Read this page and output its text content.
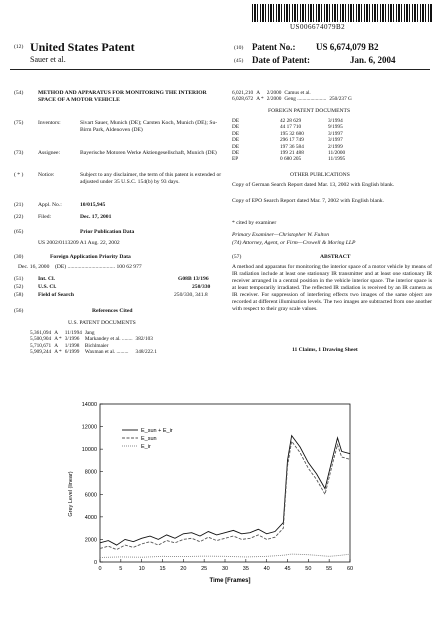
US006674079B2
(12) United States Patent
Sauer et al.
(10) Patent No.: US 6,674,079 B2
(45) Date of Patent:	Jan. 6, 2004
(54)	METHOD AND APPARATUS FOR MONITORING THE INTERIOR SPACE OF A MOTOR VEHICLE
(75)	Inventors:	Sivart Sauer, Munich (DE); Carsten Koch, Munich (DE); Su-Birm Park, Aldenoven (DE)
(73)	Assignee:	Bayerische Motoren Werke Aktiengesellschaft, Munich (DE)
( * )	Notice:	Subject to any disclaimer, the term of this patent is extended or adjusted under 35 U.S.C. 154(b) by 93 days.
(21)	Appl. No.:	10/015,945
(22)	Filed:	Dec. 17, 2001
(65)	Prior Publication Data
US 2002/0113209 A1 Aug. 22, 2002
(30)	Foreign Application Priority Data
Dec. 16, 2000    (DE) .................................. 100 62 977
(51)	Int. Cl.	G08B 13/196
(52)	U.S. Cl.	250/330
(58)	Field of Search	250/330, 341.8
(56)	References Cited
U.S. PATENT DOCUMENTS
5,361,094	A	11/1994	Jang	
5,500,904	A *	3/1996	Markandey et al. ........	382/103
5,710,671	A	1/1998	Bichlmaier	
5,909,244	A *	6/1999	Waxman et al. .........	348/222.1
6,021,210	A	2/2000	Camus et al.	
6,028,672	A *	2/2000	Geng ......................	250/237 G
FOREIGN PATENT DOCUMENTS
DE	42 28 629	3/1994
DE	44 17 710	9/1995
DE	195 32 680	3/1997
DE	296 17 749	3/1997
DE	197 36 584	2/1999
DE	199 21 488	11/2000
EP	0 680 205	11/1995
OTHER PUBLICATIONS
Copy of German Search Report dated Mar. 13, 2002 with English blank.
Copy of EPO Search Report dated Mar. 7, 2002 with English blank.
* cited by examiner
Primary Examiner—Christopher W. Fulton
(74) Attorney, Agent, or Firm—Crowell & Moring LLP
(57)	ABSTRACT
A method and apparatus for monitoring the interior space of a motor vehicle by means of IR radiation include at least one stationary IR transmitter and at least one stationary IR receiver arranged in a central position in the vehicle interior space. The interior space is at least temporarily irradiated. The reflected IR radiation is received by an IR camera as IR receiver. For suppression of interfering effects two images of the same object are recorded at different illumination levels. The two images are subtracted from one another with respect to their gray scale values.
11 Claims, 1 Drawing Sheet
0	5	10	15	20	25	30	35	40	45	50	55	60
0
2000
4000
6000
8000
10000
12000
14000
E_sun + E_ir
E_sun
E_ir
Time [Frames]
Grey Level (linear)
